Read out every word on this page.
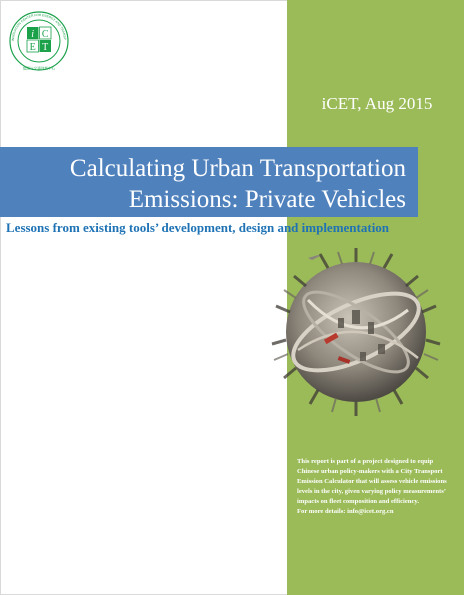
i C
E T
INNOVATION CENTER FOR ENERGY AND TRANSP
能源与交通创新中心
iCET, Aug 2015
Calculating Urban Transportation
Emissions: Private Vehicles
Lessons from existing tools’ development, design and implementation

This report is part of a project designed to equip Chinese urban policy-makers with a City Transport Emission Calculator that will assess vehicle emissions levels in the city, given varying policy measurements’ impacts on fleet composition and efficiency.

For more details: info@icet.org.cn
